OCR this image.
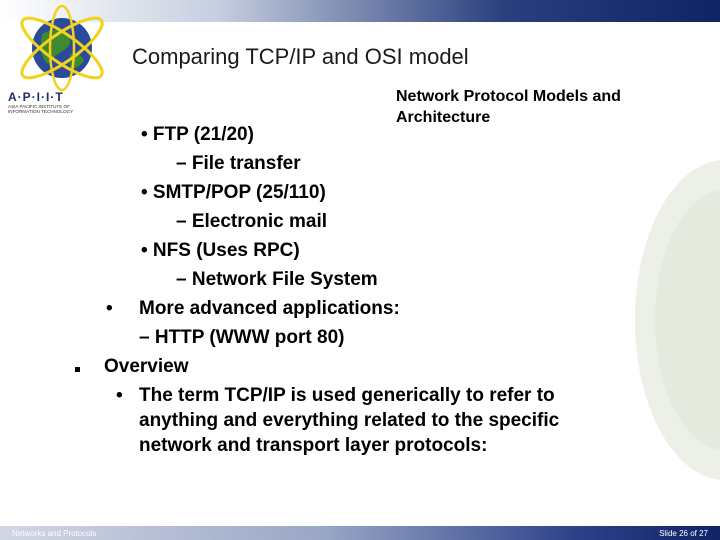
A·P·I·I·T
ASIA PACIFIC INSTITUTE OF
INFORMATION TECHNOLOGY
Comparing TCP/IP and OSI model
Network Protocol Models and Architecture
• FTP (21/20)
– File transfer
• SMTP/POP (25/110)
– Electronic mail
• NFS (Uses RPC)
– Network File System
• More advanced applications:
– HTTP (WWW port 80)
Overview
• The term TCP/IP is used generically to refer to
anything and everything related to the specific
network and transport layer protocols:
Networks and Protocols	Slide 26 of 27
